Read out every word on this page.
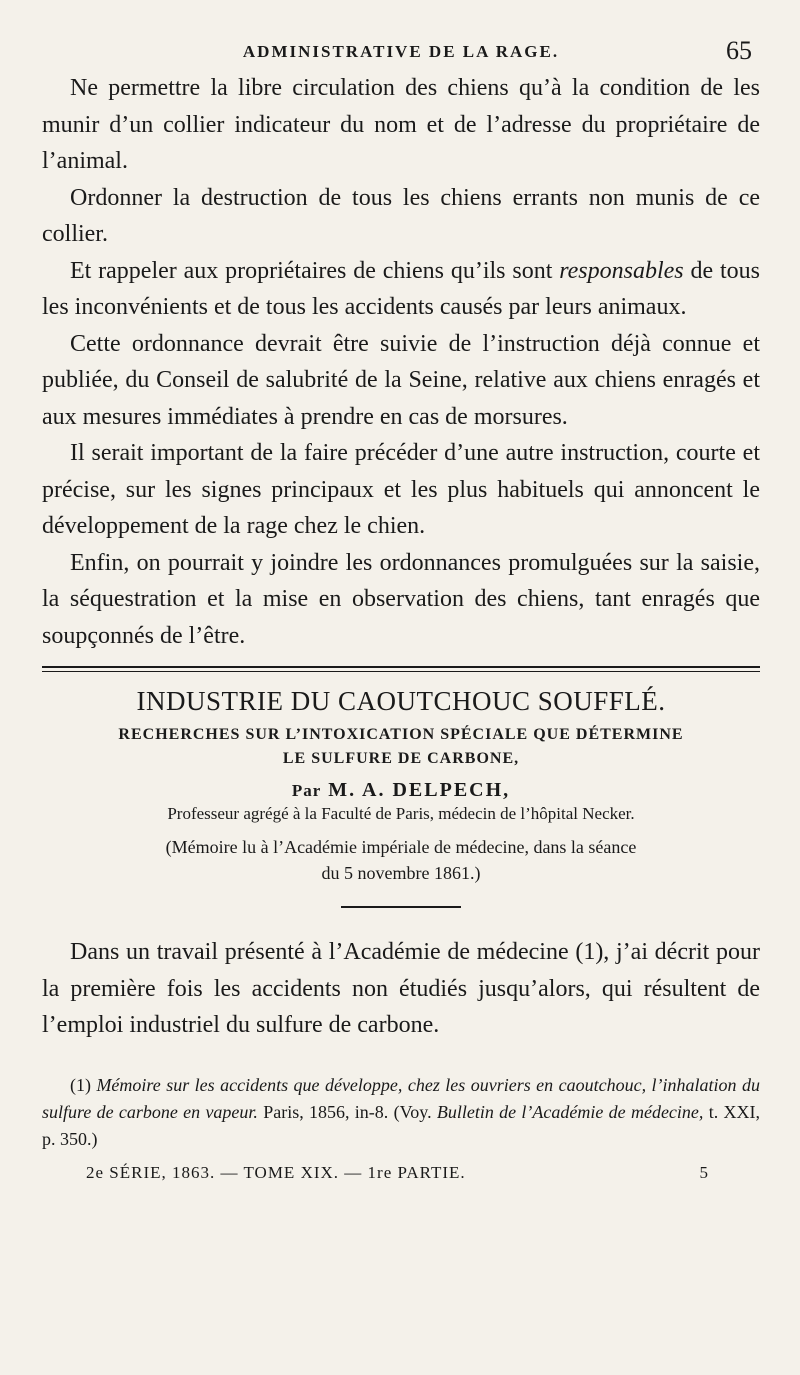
ADMINISTRATIVE DE LA RAGE.	65

Ne permettre la libre circulation des chiens qu’à la condition de les munir d’un collier indicateur du nom et de l’adresse du propriétaire de l’animal.

Ordonner la destruction de tous les chiens errants non munis de ce collier.

Et rappeler aux propriétaires de chiens qu’ils sont responsables de tous les inconvénients et de tous les accidents causés par leurs animaux.

Cette ordonnance devrait être suivie de l’instruction déjà connue et publiée, du Conseil de salubrité de la Seine, relative aux chiens enragés et aux mesures immédiates à prendre en cas de morsures.

Il serait important de la faire précéder d’une autre instruction, courte et précise, sur les signes principaux et les plus habituels qui annoncent le développement de la rage chez le chien.

Enfin, on pourrait y joindre les ordonnances promulguées sur la saisie, la séquestration et la mise en observation des chiens, tant enragés que soupçonnés de l’être.

INDUSTRIE DU CAOUTCHOUC SOUFFLÉ.

RECHERCHES SUR L’INTOXICATION SPÉCIALE QUE DÉTERMINE

LE SULFURE DE CARBONE,

Par M. A. DELPECH,

Professeur agrégé à la Faculté de Paris, médecin de l’hôpital Necker.

(Mémoire lu à l’Académie impériale de médecine, dans la séance
du 5 novembre 1861.)

Dans un travail présenté à l’Académie de médecine (1), j’ai décrit pour la première fois les accidents non étudiés jusqu’alors, qui résultent de l’emploi industriel du sulfure de carbone.

(1) Mémoire sur les accidents que développe, chez les ouvriers en caoutchouc, l’inhalation du sulfure de carbone en vapeur. Paris, 1856, in-8. (Voy. Bulletin de l’Académie de médecine, t. XXI, p. 350.)

2e SÉRIE, 1863. — TOME XIX. — 1re PARTIE.	5
